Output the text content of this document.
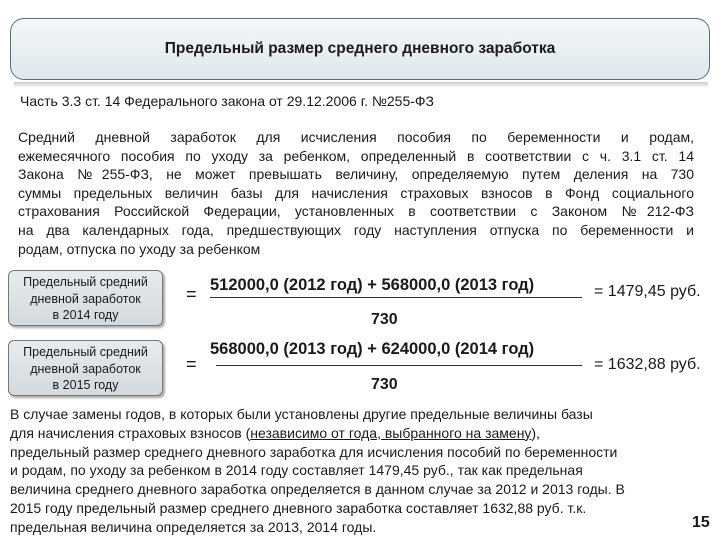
Предельный размер среднего дневного заработка
Часть 3.3 ст. 14 Федерального закона от 29.12.2006 г. №255-ФЗ
Средний дневной заработок для исчисления пособия по беременности и родам,
ежемесячного пособия по уходу за ребенком, определенный в соответствии с ч. 3.1 ст. 14
Закона №255-ФЗ, не может превышать величину, определяемую путем деления на 730
суммы предельных величин базы для начисления страховых взносов в Фонд социального
страхования Российской Федерации, установленных в соответствии с Законом №212-ФЗ
на два календарных года, предшествующих году наступления отпуска по беременности и
родам, отпуска по уходу за ребенком
Предельный средний
дневной заработок
в 2014 году
= 512000,0 (2012 год) + 568000,0 (2013 год)
730
= 1479,45 руб.
Предельный средний
дневной заработок
в 2015 году
=
568000,0 (2013 год) + 624000,0 (2014 год)
730
= 1632,88 руб.
В случае замены годов, в которых были установлены другие предельные величины базы
для начисления страховых взносов (независимо от года, выбранного на замену),
предельный размер среднего дневного заработка для исчисления пособий по беременности
и родам, по уходу за ребенком в 2014 году составляет 1479,45 руб., так как предельная
величина среднего дневного заработка определяется в данном случае за 2012 и 2013 годы. В
2015 году предельный размер среднего дневного заработка составляет 1632,88 руб. т.к.
предельная величина определяется за 2013, 2014 годы.	15
